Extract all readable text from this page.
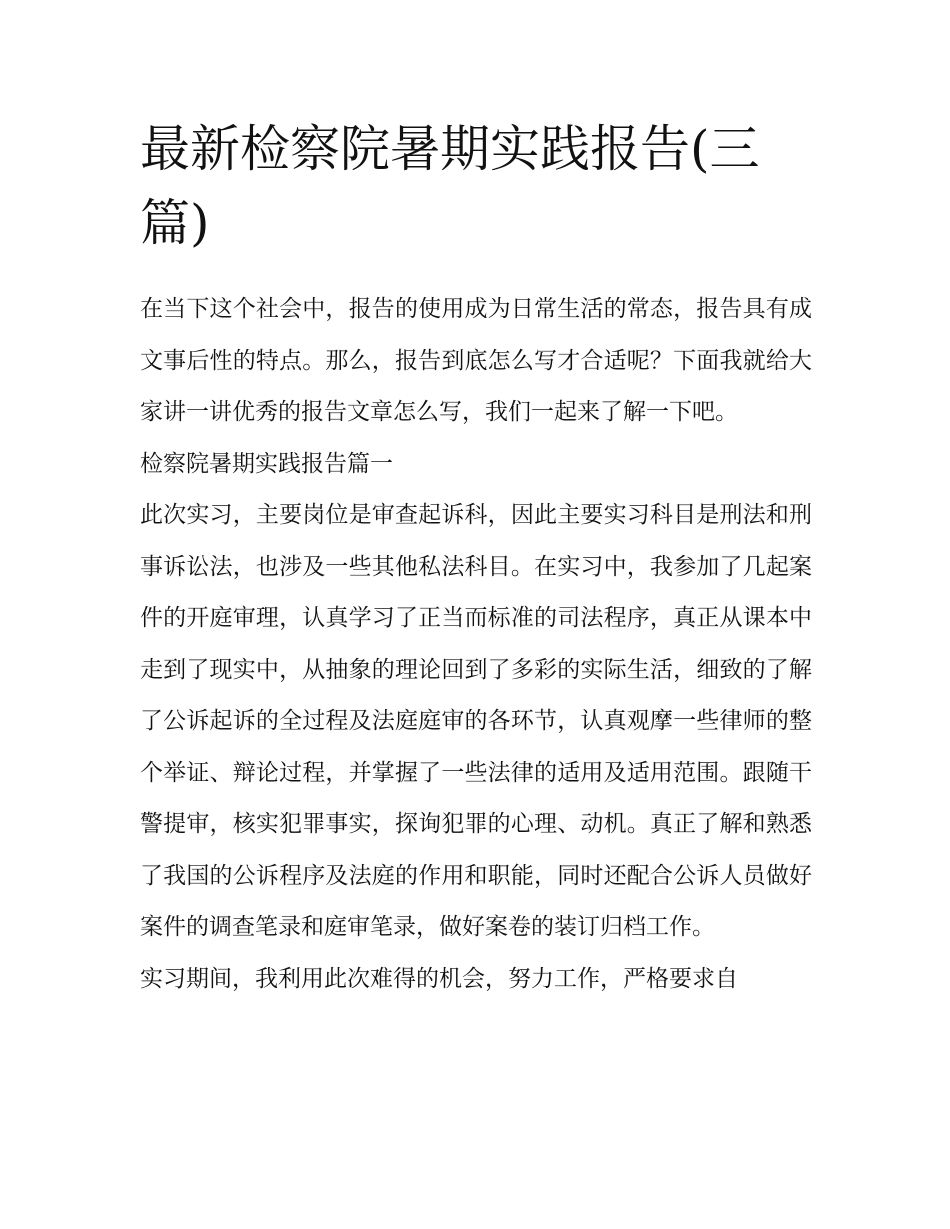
最新检察院暑期实践报告(三篇)

在当下这个社会中，报告的使用成为日常生活的常态，报告具有成文事后性的特点。那么，报告到底怎么写才合适呢？下面我就给大家讲一讲优秀的报告文章怎么写，我们一起来了解一下吧。

检察院暑期实践报告篇一

此次实习，主要岗位是审查起诉科，因此主要实习科目是刑法和刑事诉讼法，也涉及一些其他私法科目。在实习中，我参加了几起案件的开庭审理，认真学习了正当而标准的司法程序，真正从课本中走到了现实中，从抽象的理论回到了多彩的实际生活，细致的了解了公诉起诉的全过程及法庭庭审的各环节，认真观摩一些律师的整个举证、辩论过程，并掌握了一些法律的适用及适用范围。跟随干警提审，核实犯罪事实，探询犯罪的心理、动机。真正了解和熟悉了我国的公诉程序及法庭的作用和职能，同时还配合公诉人员做好案件的调查笔录和庭审笔录，做好案卷的装订归档工作。

实习期间，我利用此次难得的机会，努力工作，严格要求自
